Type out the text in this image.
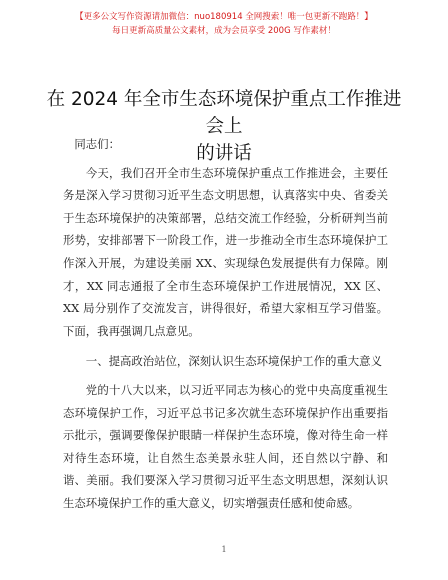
【更多公文写作资源请加微信：nuo180914 全网搜索！唯一包更新不跑路！】
每日更新高质量公文素材，成为会员享受 200G 写作素材！
在 2024 年全市生态环境保护重点工作推进会上
的讲话

同志们：

今天，我们召开全市生态环境保护重点工作推进会，主要任务是深入学习贯彻习近平生态文明思想，认真落实中央、省委关于生态环境保护的决策部署，总结交流工作经验，分析研判当前形势，安排部署下一阶段工作，进一步推动全市生态环境保护工作深入开展，为建设美丽 XX、实现绿色发展提供有力保障。刚才，XX 同志通报了全市生态环境保护工作进展情况，XX 区、XX 局分别作了交流发言，讲得很好，希望大家相互学习借鉴。下面，我再强调几点意见。

一、提高政治站位，深刻认识生态环境保护工作的重大意义

党的十八大以来，以习近平同志为核心的党中央高度重视生态环境保护工作，习近平总书记多次就生态环境保护作出重要指示批示，强调要像保护眼睛一样保护生态环境，像对待生命一样对待生态环境，让自然生态美景永驻人间，还自然以宁静、和谐、美丽。我们要深入学习贯彻习近平生态文明思想，深刻认识生态环境保护工作的重大意义，切实增强责任感和使命感。

1
